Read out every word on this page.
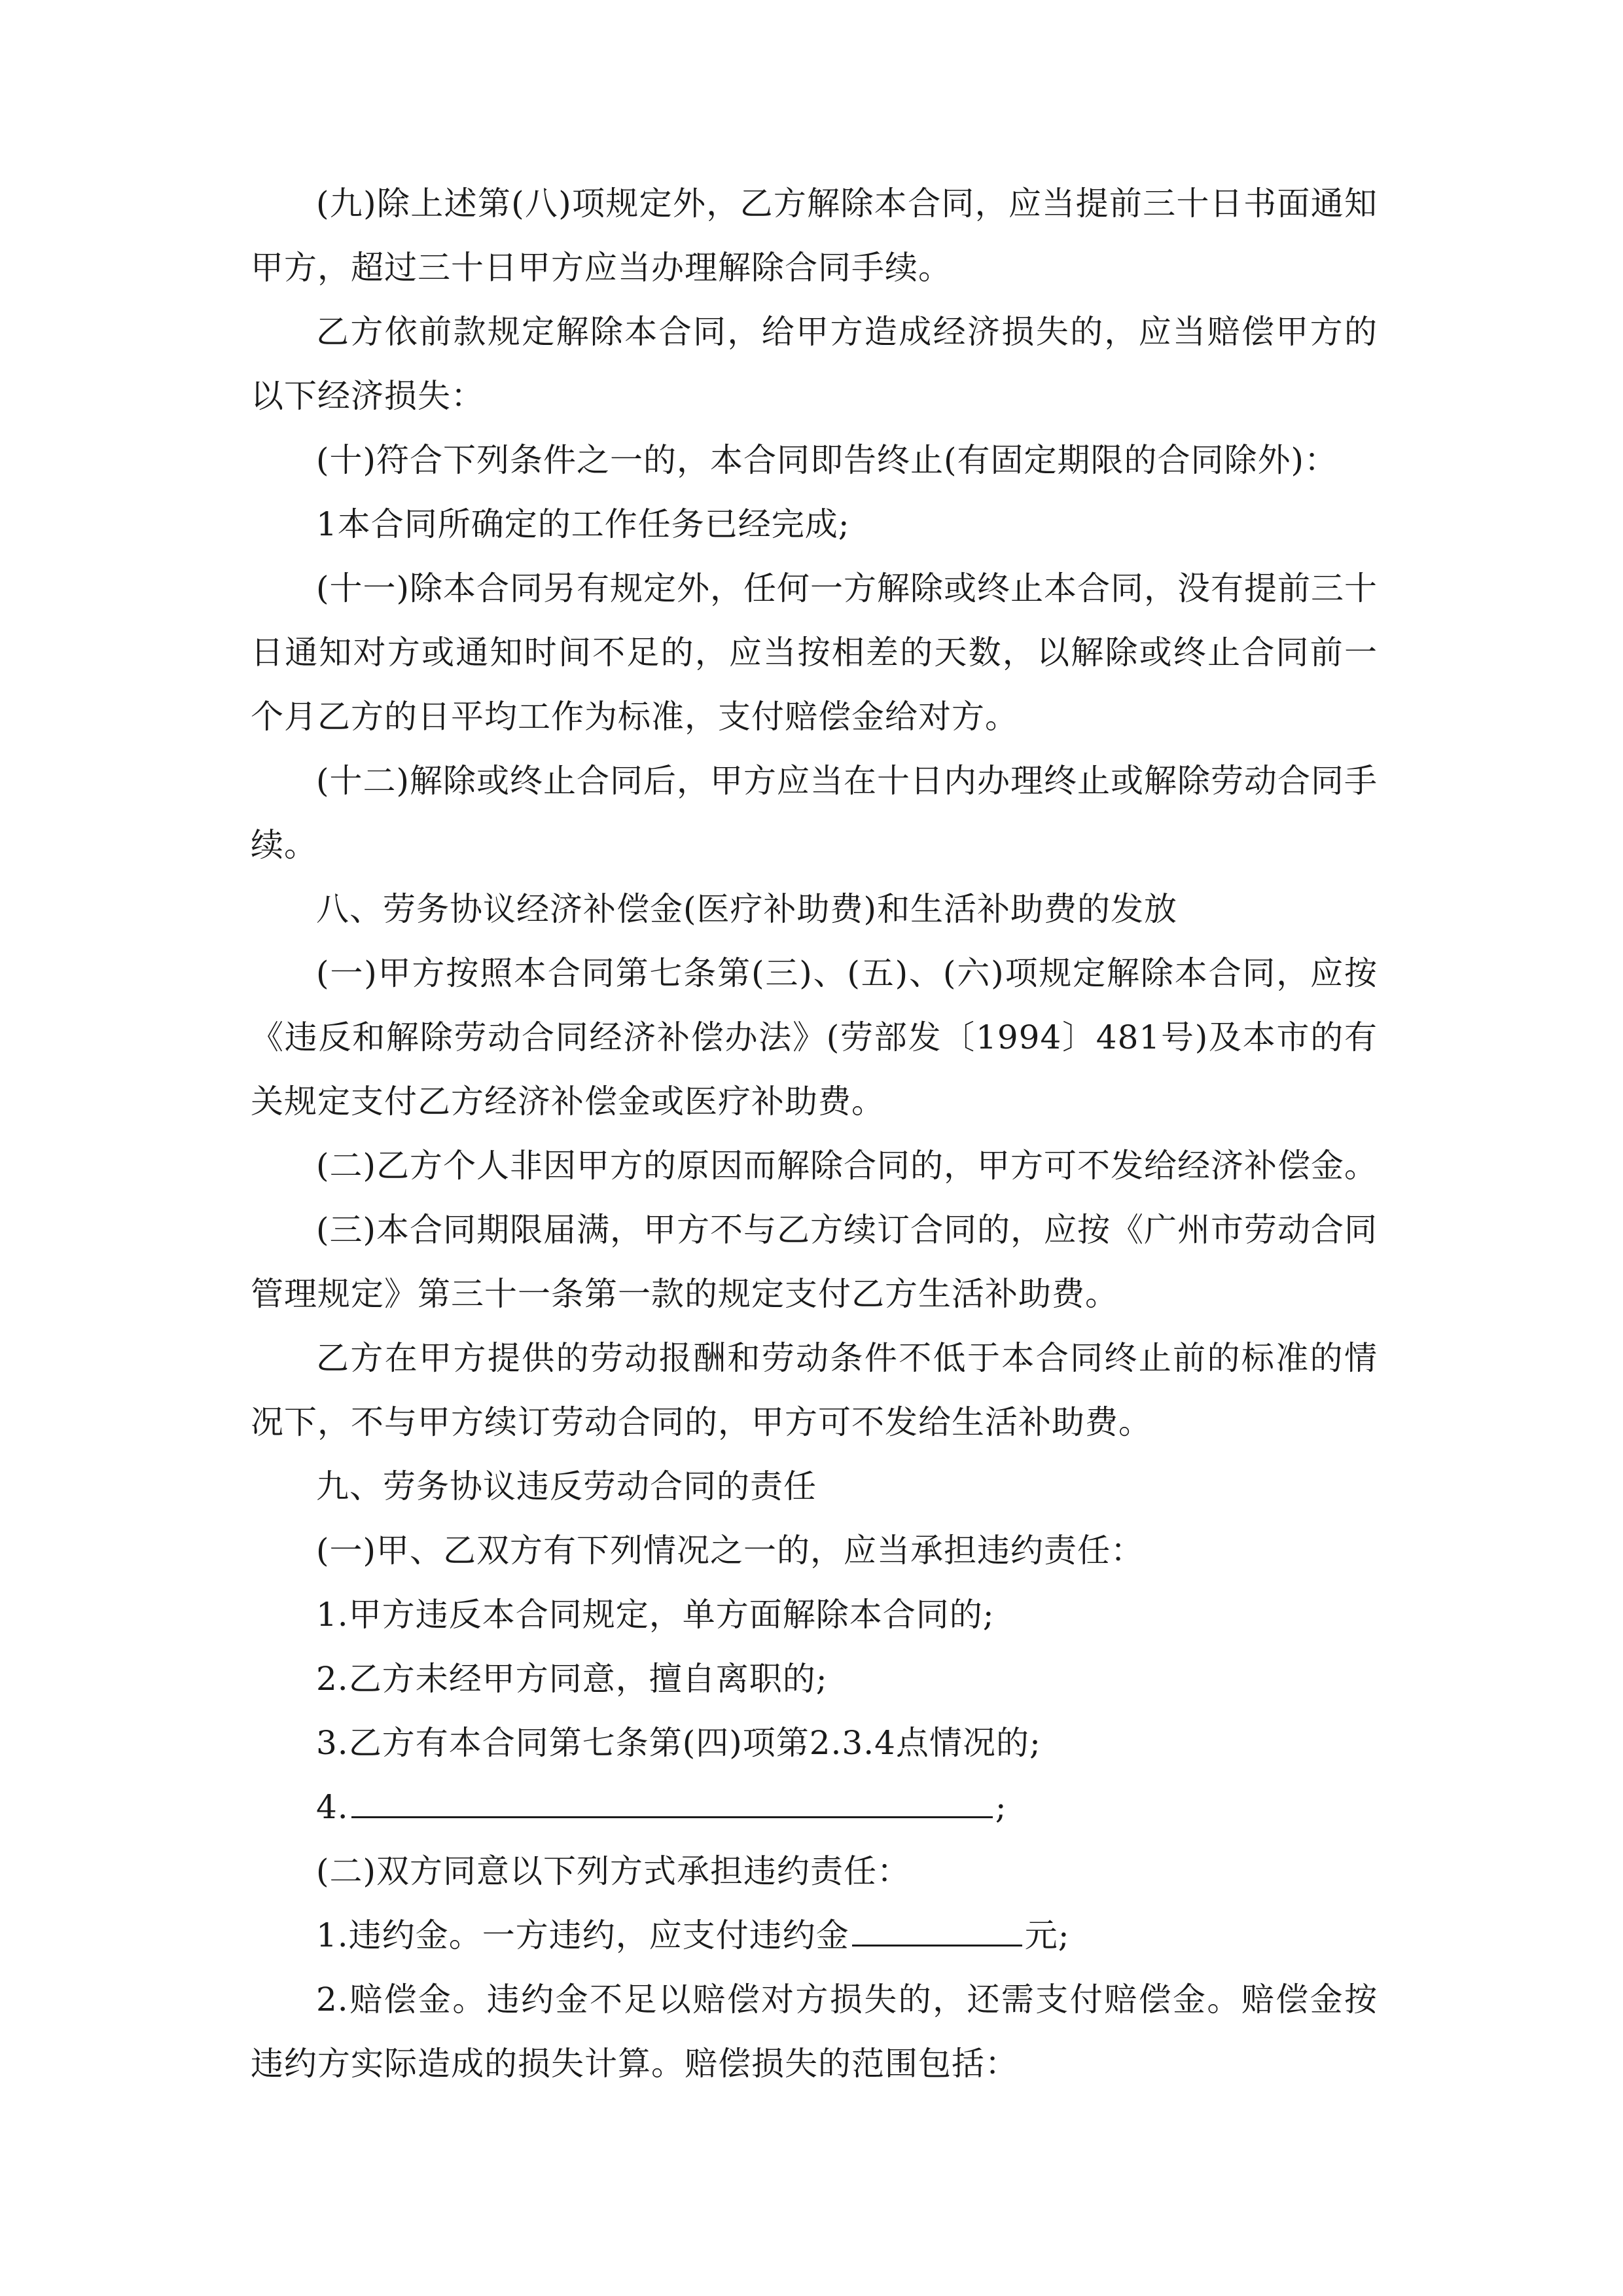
(九)除上述第(八)项规定外，乙方解除本合同，应当提前三十日书面通知甲方，超过三十日甲方应当办理解除合同手续。

乙方依前款规定解除本合同，给甲方造成经济损失的，应当赔偿甲方的以下经济损失：

(十)符合下列条件之一的，本合同即告终止(有固定期限的合同除外)：

1本合同所确定的工作任务已经完成;

(十一)除本合同另有规定外，任何一方解除或终止本合同，没有提前三十日通知对方或通知时间不足的，应当按相差的天数，以解除或终止合同前一个月乙方的日平均工作为标准，支付赔偿金给对方。

(十二)解除或终止合同后，甲方应当在十日内办理终止或解除劳动合同手续。

八、劳务协议经济补偿金(医疗补助费)和生活补助费的发放

(一)甲方按照本合同第七条第(三)、(五)、(六)项规定解除本合同，应按《违反和解除劳动合同经济补偿办法》(劳部发〔1994〕481号)及本市的有关规定支付乙方经济补偿金或医疗补助费。

(二)乙方个人非因甲方的原因而解除合同的，甲方可不发给经济补偿金。

(三)本合同期限届满，甲方不与乙方续订合同的，应按《广州市劳动合同管理规定》第三十一条第一款的规定支付乙方生活补助费。

乙方在甲方提供的劳动报酬和劳动条件不低于本合同终止前的标准的情况下，不与甲方续订劳动合同的，甲方可不发给生活补助费。

九、劳务协议违反劳动合同的责任

(一)甲、乙双方有下列情况之一的，应当承担违约责任：

1.甲方违反本合同规定，单方面解除本合同的;

2.乙方未经甲方同意，擅自离职的;

3.乙方有本合同第七条第(四)项第2.3.4点情况的;

4.	;

(二)双方同意以下列方式承担违约责任：

1.违约金。一方违约，应支付违约金	元;

2.赔偿金。违约金不足以赔偿对方损失的，还需支付赔偿金。赔偿金按违约方实际造成的损失计算。赔偿损失的范围包括：
